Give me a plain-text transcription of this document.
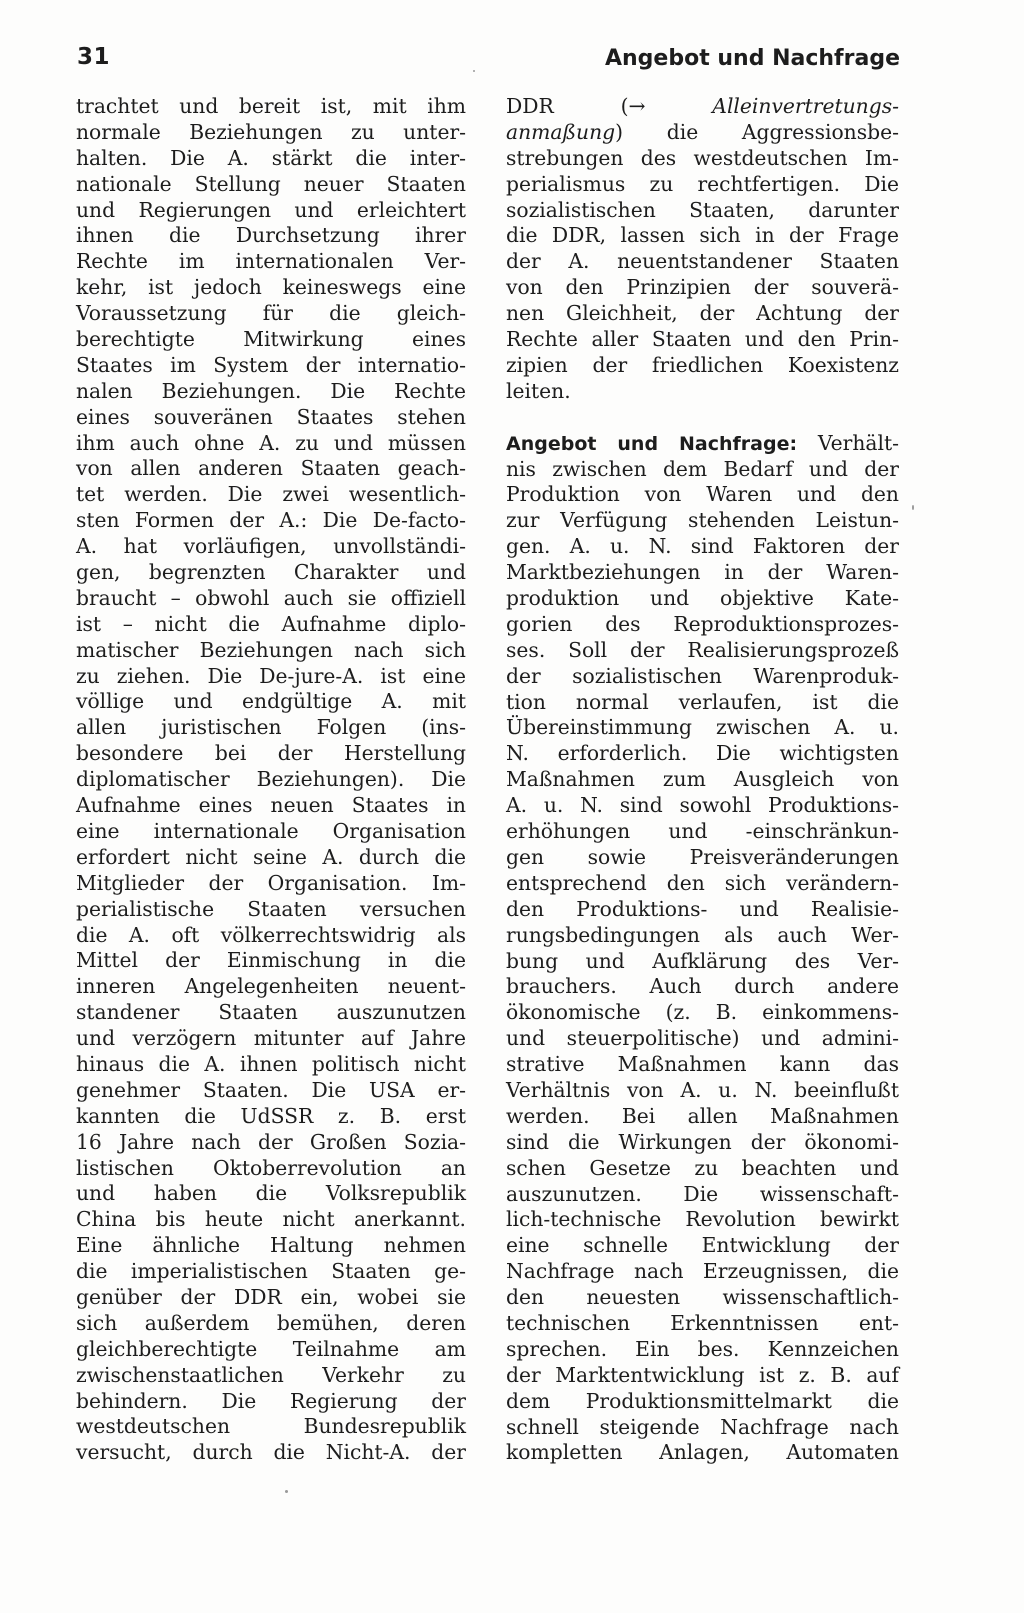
31	Angebot und Nachfrage
trachtet und bereit ist, mit ihm
normale Beziehungen zu unter-
halten. Die A. stärkt die inter-
nationale Stellung neuer Staaten
und Regierungen und erleichtert
ihnen die Durchsetzung ihrer
Rechte im internationalen Ver-
kehr, ist jedoch keineswegs eine
Voraussetzung für die gleich-
berechtigte Mitwirkung eines
Staates im System der internatio-
nalen Beziehungen. Die Rechte
eines souveränen Staates stehen
ihm auch ohne A. zu und müssen
von allen anderen Staaten geach-
tet werden. Die zwei wesentlich-
sten Formen der A.: Die De-facto-
A. hat vorläufigen, unvollständi-
gen, begrenzten Charakter und
braucht – obwohl auch sie offiziell
ist – nicht die Aufnahme diplo-
matischer Beziehungen nach sich
zu ziehen. Die De-jure-A. ist eine
völlige und endgültige A. mit
allen juristischen Folgen (ins-
besondere bei der Herstellung
diplomatischer Beziehungen). Die
Aufnahme eines neuen Staates in
eine internationale Organisation
erfordert nicht seine A. durch die
Mitglieder der Organisation. Im-
perialistische Staaten versuchen
die A. oft völkerrechtswidrig als
Mittel der Einmischung in die
inneren Angelegenheiten neuent-
standener Staaten auszunutzen
und verzögern mitunter auf Jahre
hinaus die A. ihnen politisch nicht
genehmer Staaten. Die USA er-
kannten die UdSSR z. B. erst
16 Jahre nach der Großen Sozia-
listischen Oktoberrevolution an
und haben die Volksrepublik
China bis heute nicht anerkannt.
Eine ähnliche Haltung nehmen
die imperialistischen Staaten ge-
genüber der DDR ein, wobei sie
sich außerdem bemühen, deren
gleichberechtigte Teilnahme am
zwischenstaatlichen Verkehr zu
behindern. Die Regierung der
westdeutschen Bundesrepublik
versucht, durch die Nicht-A. der
DDR (→	Alleinvertretungs-
anmaßung) die Aggressionsbe-
strebungen des westdeutschen Im-
perialismus zu rechtfertigen. Die
sozialistischen Staaten, darunter
die DDR, lassen sich in der Frage
der A. neuentstandener Staaten
von den Prinzipien der souverä-
nen Gleichheit, der Achtung der
Rechte aller Staaten und den Prin-
zipien der friedlichen Koexistenz
leiten.
Angebot und Nachfrage: Verhält-
nis zwischen dem Bedarf und der
Produktion von Waren und den
zur Verfügung stehenden Leistun-
gen. A. u. N. sind Faktoren der
Marktbeziehungen in der Waren-
produktion und objektive Kate-
gorien des Reproduktionsprozes-
ses. Soll der Realisierungsprozeß
der sozialistischen Warenproduk-
tion normal verlaufen, ist die
Übereinstimmung zwischen A. u.
N. erforderlich. Die wichtigsten
Maßnahmen zum Ausgleich von
A. u. N. sind sowohl Produktions-
erhöhungen und -einschränkun-
gen sowie Preisveränderungen
entsprechend den sich verändern-
den Produktions- und Realisie-
rungsbedingungen als auch Wer-
bung und Aufklärung des Ver-
brauchers. Auch durch andere
ökonomische (z. B. einkommens-
und steuerpolitische) und admini-
strative Maßnahmen kann das
Verhältnis von A. u. N. beeinflußt
werden. Bei allen Maßnahmen
sind die Wirkungen der ökonomi-
schen Gesetze zu beachten und
auszunutzen. Die wissenschaft-
lich-technische Revolution bewirkt
eine schnelle Entwicklung der
Nachfrage nach Erzeugnissen, die
den neuesten wissenschaftlich-
technischen Erkenntnissen ent-
sprechen. Ein bes. Kennzeichen
der Marktentwicklung ist z. B. auf
dem Produktionsmittelmarkt die
schnell steigende Nachfrage nach
kompletten Anlagen, Automaten
